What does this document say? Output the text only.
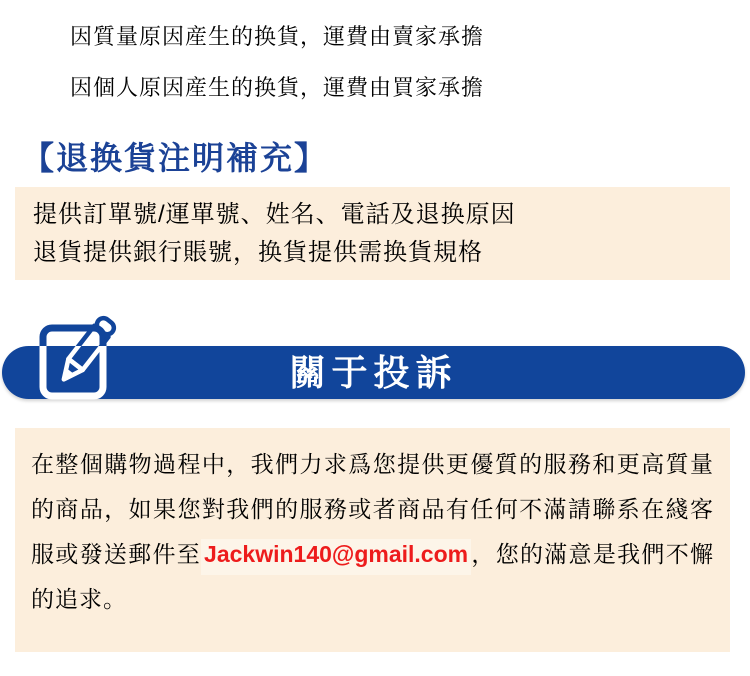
因質量原因産生的换貨，運費由賣家承擔
因個人原因産生的换貨，運費由買家承擔
【退换貨注明補充】
提供訂單號/運單號、姓名、電話及退换原因
退貨提供銀行賬號，换貨提供需换貨規格
關于投訴

在整個購物過程中，我們力求爲您提供更優質的服務和更高質量的商品，如果您對我們的服務或者商品有任何不滿請聯系在綫客服或發送郵件至 Jackwin140@gmail.com ，您的滿意是我們不懈的追求。
